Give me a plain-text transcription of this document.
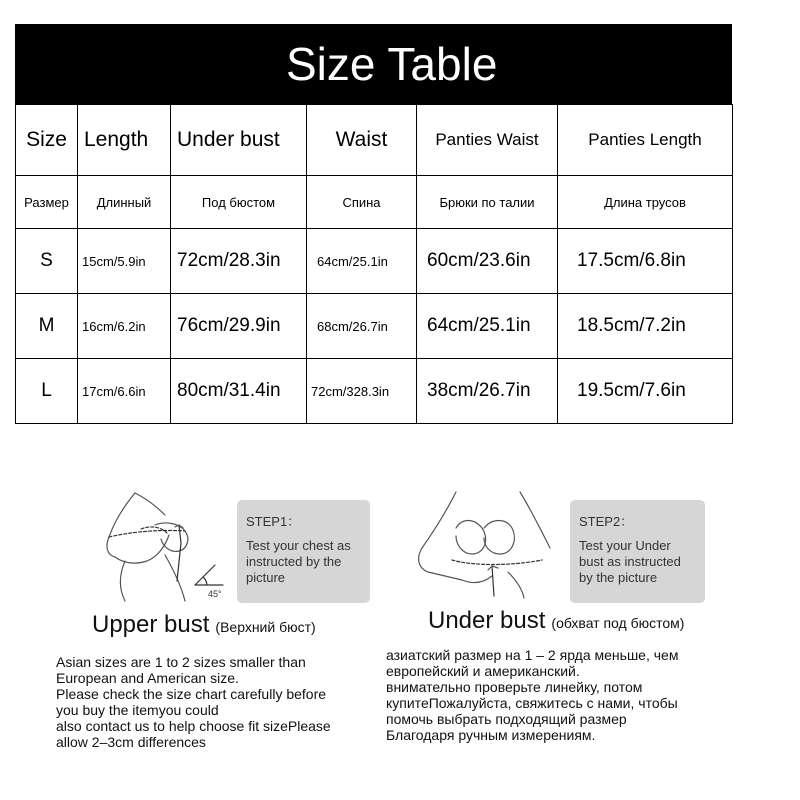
Size Table
Size	Length	Under bust	Waist	Panties Waist	Panties Length
Размер	Длинный	Под бюстом	Спина	Брюки по талии	Длина трусов
S	15cm/5.9in	72cm/28.3in	64cm/25.1in	60cm/23.6in	17.5cm/6.8in
M	16cm/6.2in	76cm/29.9in	68cm/26.7in	64cm/25.1in	18.5cm/7.2in
L	17cm/6.6in	80cm/31.4in	72cm/328.3in	38cm/26.7in	19.5cm/7.6in
45°
STEP1：
Test your chest as instructed by the picture
Upper bust (Верхний бюст)
STEP2：
Test your Under bust as instructed by the picture
Under bust (обхват под бюстом)
Asian sizes are 1 to 2 sizes smaller than
European and American size.
Please check the size chart carefully before
you buy the itemyou could
also contact us to help choose fit sizePlease
allow 2–3cm differences
азиатский размер на 1 – 2 ярда меньше, чем
европейский и американский.
внимательно проверьте линейку, потом
купитеПожалуйста, свяжитесь с нами, чтобы
помочь выбрать подходящий размер
Благодаря ручным измерениям.
